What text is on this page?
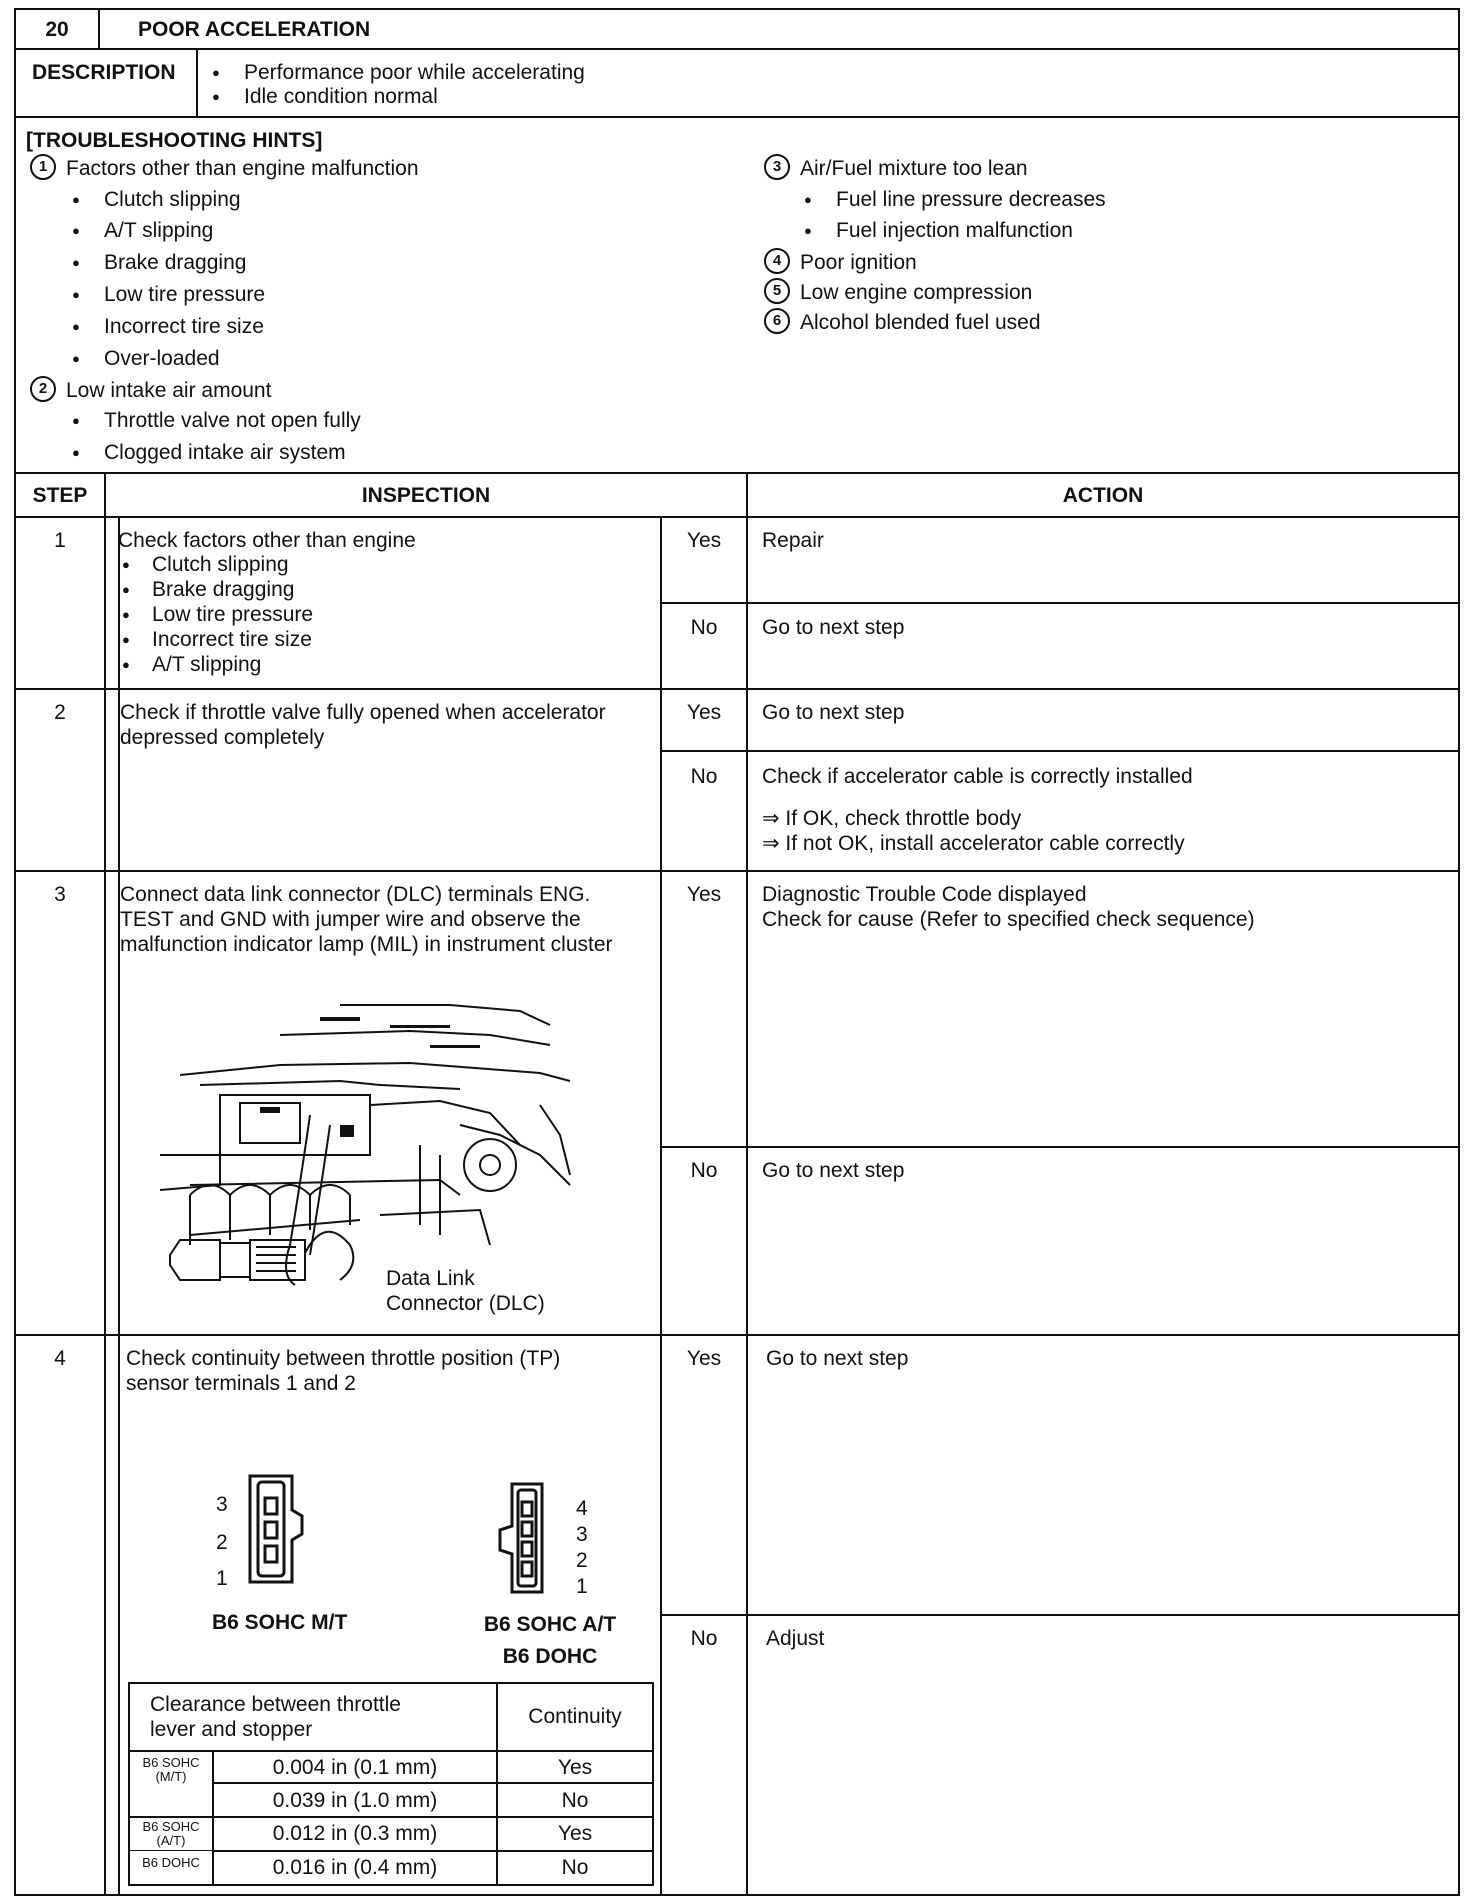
20	POOR ACCELERATION
DESCRIPTION
●	Performance poor while accelerating
● Idle condition normal
[TROUBLESHOOTING HINTS]
1 Factors other than engine malfunction
● Clutch slipping
● A/T slipping
● Brake dragging
● Low tire pressure
● Incorrect tire size
● Over-loaded
2 Low intake air amount
● Throttle valve not open fully
● Clogged intake air system
3 Air/Fuel mixture too lean
● Fuel line pressure decreases
● Fuel injection malfunction
4 Poor ignition
5 Low engine compression
6 Alcohol blended fuel used
STEP	INSPECTION	ACTION
1	Check factors other than engine
● Clutch slipping
● Brake dragging
● Low tire pressure
● Incorrect tire size
● A/T slipping
Yes	Repair
No	Go to next step
2	Check if throttle valve fully opened when accelerator
depressed completely
Yes	Go to next step
No	Check if accelerator cable is correctly installed
⇒ If OK, check throttle body
⇒ If not OK, install accelerator cable correctly
3	Connect data link connector (DLC) terminals ENG.
TEST and GND with jumper wire and observe the
malfunction indicator lamp (MIL) in instrument cluster
Data Link
Connector (DLC)
Yes	Diagnostic Trouble Code displayed
Check for cause (Refer to specified check sequence)
No	Go to next step
4	Check continuity between throttle position (TP)
sensor terminals 1 and 2
3
2
1
B6 SOHC M/T
4
3
2
1
B6 SOHC A/T
B6 DOHC
Clearance between throttle
lever and stopper
Continuity
B6 SOHC
(M/T)	0.004 in (0.1 mm)	Yes
0.039 in (1.0 mm)	No
B6 SOHC
(A/T)
B6 DOHC
0.012 in (0.3 mm)	Yes
0.016 in (0.4 mm)	No
Yes	Go to next step
No	Adjust
